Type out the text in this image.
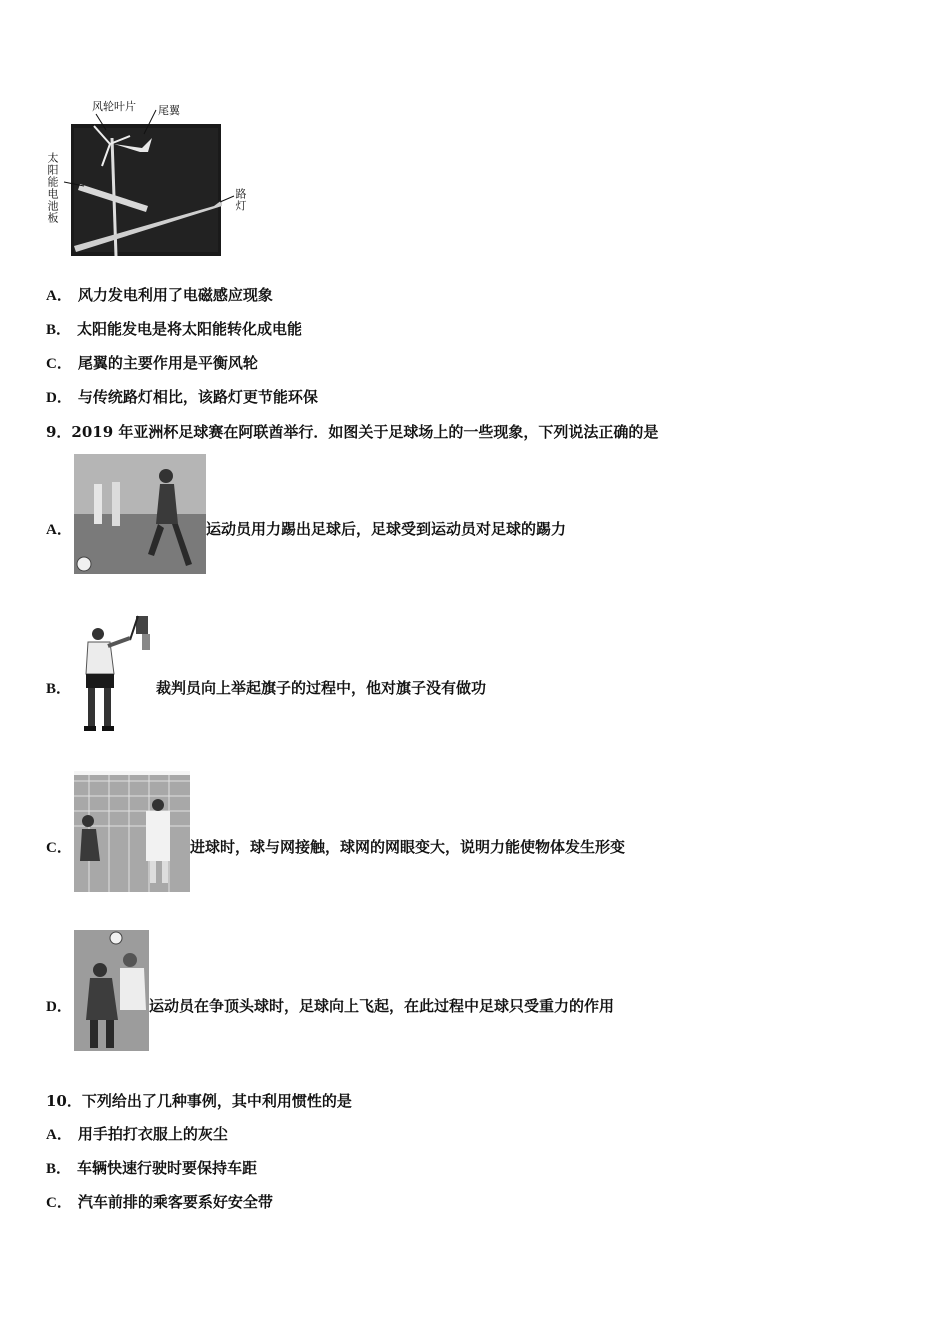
风轮叶片 尾翼
太阳能电池板	路灯
A． 风力发电利用了电磁感应现象
B． 太阳能发电是将太阳能转化成电能
C． 尾翼的主要作用是平衡风轮
D． 与传统路灯相比，该路灯更节能环保
9．2019 年亚洲杯足球赛在阿联酋举行．如图关于足球场上的一些现象，下列说法正确的是
A．	运动员用力踢出足球后，足球受到运动员对足球的踢力
B．	裁判员向上举起旗子的过程中，他对旗子没有做功
C．	进球时，球与网接触，球网的网眼变大，说明力能使物体发生形变
D．	运动员在争顶头球时，足球向上飞起，在此过程中足球只受重力的作用
10．下列给出了几种事例，其中利用惯性的是
A． 用手拍打衣服上的灰尘
B． 车辆快速行驶时要保持车距
C． 汽车前排的乘客要系好安全带
